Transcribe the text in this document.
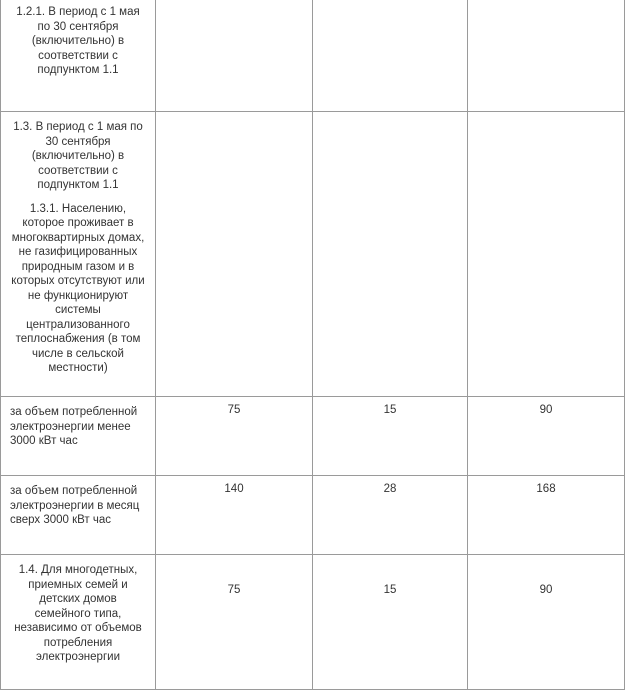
1.2.1. В период с 1 мая по 30 сентября (включительно) в соответствии с подпунктом 1.1			

1.3. В период с 1 мая по 30 сентября (включительно) в соответствии с подпунктом 1.1
1.3.1. Населению, которое проживает в многоквартирных домах, не газифицированных природным газом и в которых отсутствуют или не функционируют системы централизованного теплоснабжения (в том числе в сельской местности)			

за объем потребленной электроэнергии менее 3000 кВт час	75	15	90

за объем потребленной электроэнергии в месяц сверх 3000 кВт час	140	28	168

1.4. Для многодетных, приемных семей и детских домов семейного типа, независимо от объемов потребления электроэнергии	75	15	90
